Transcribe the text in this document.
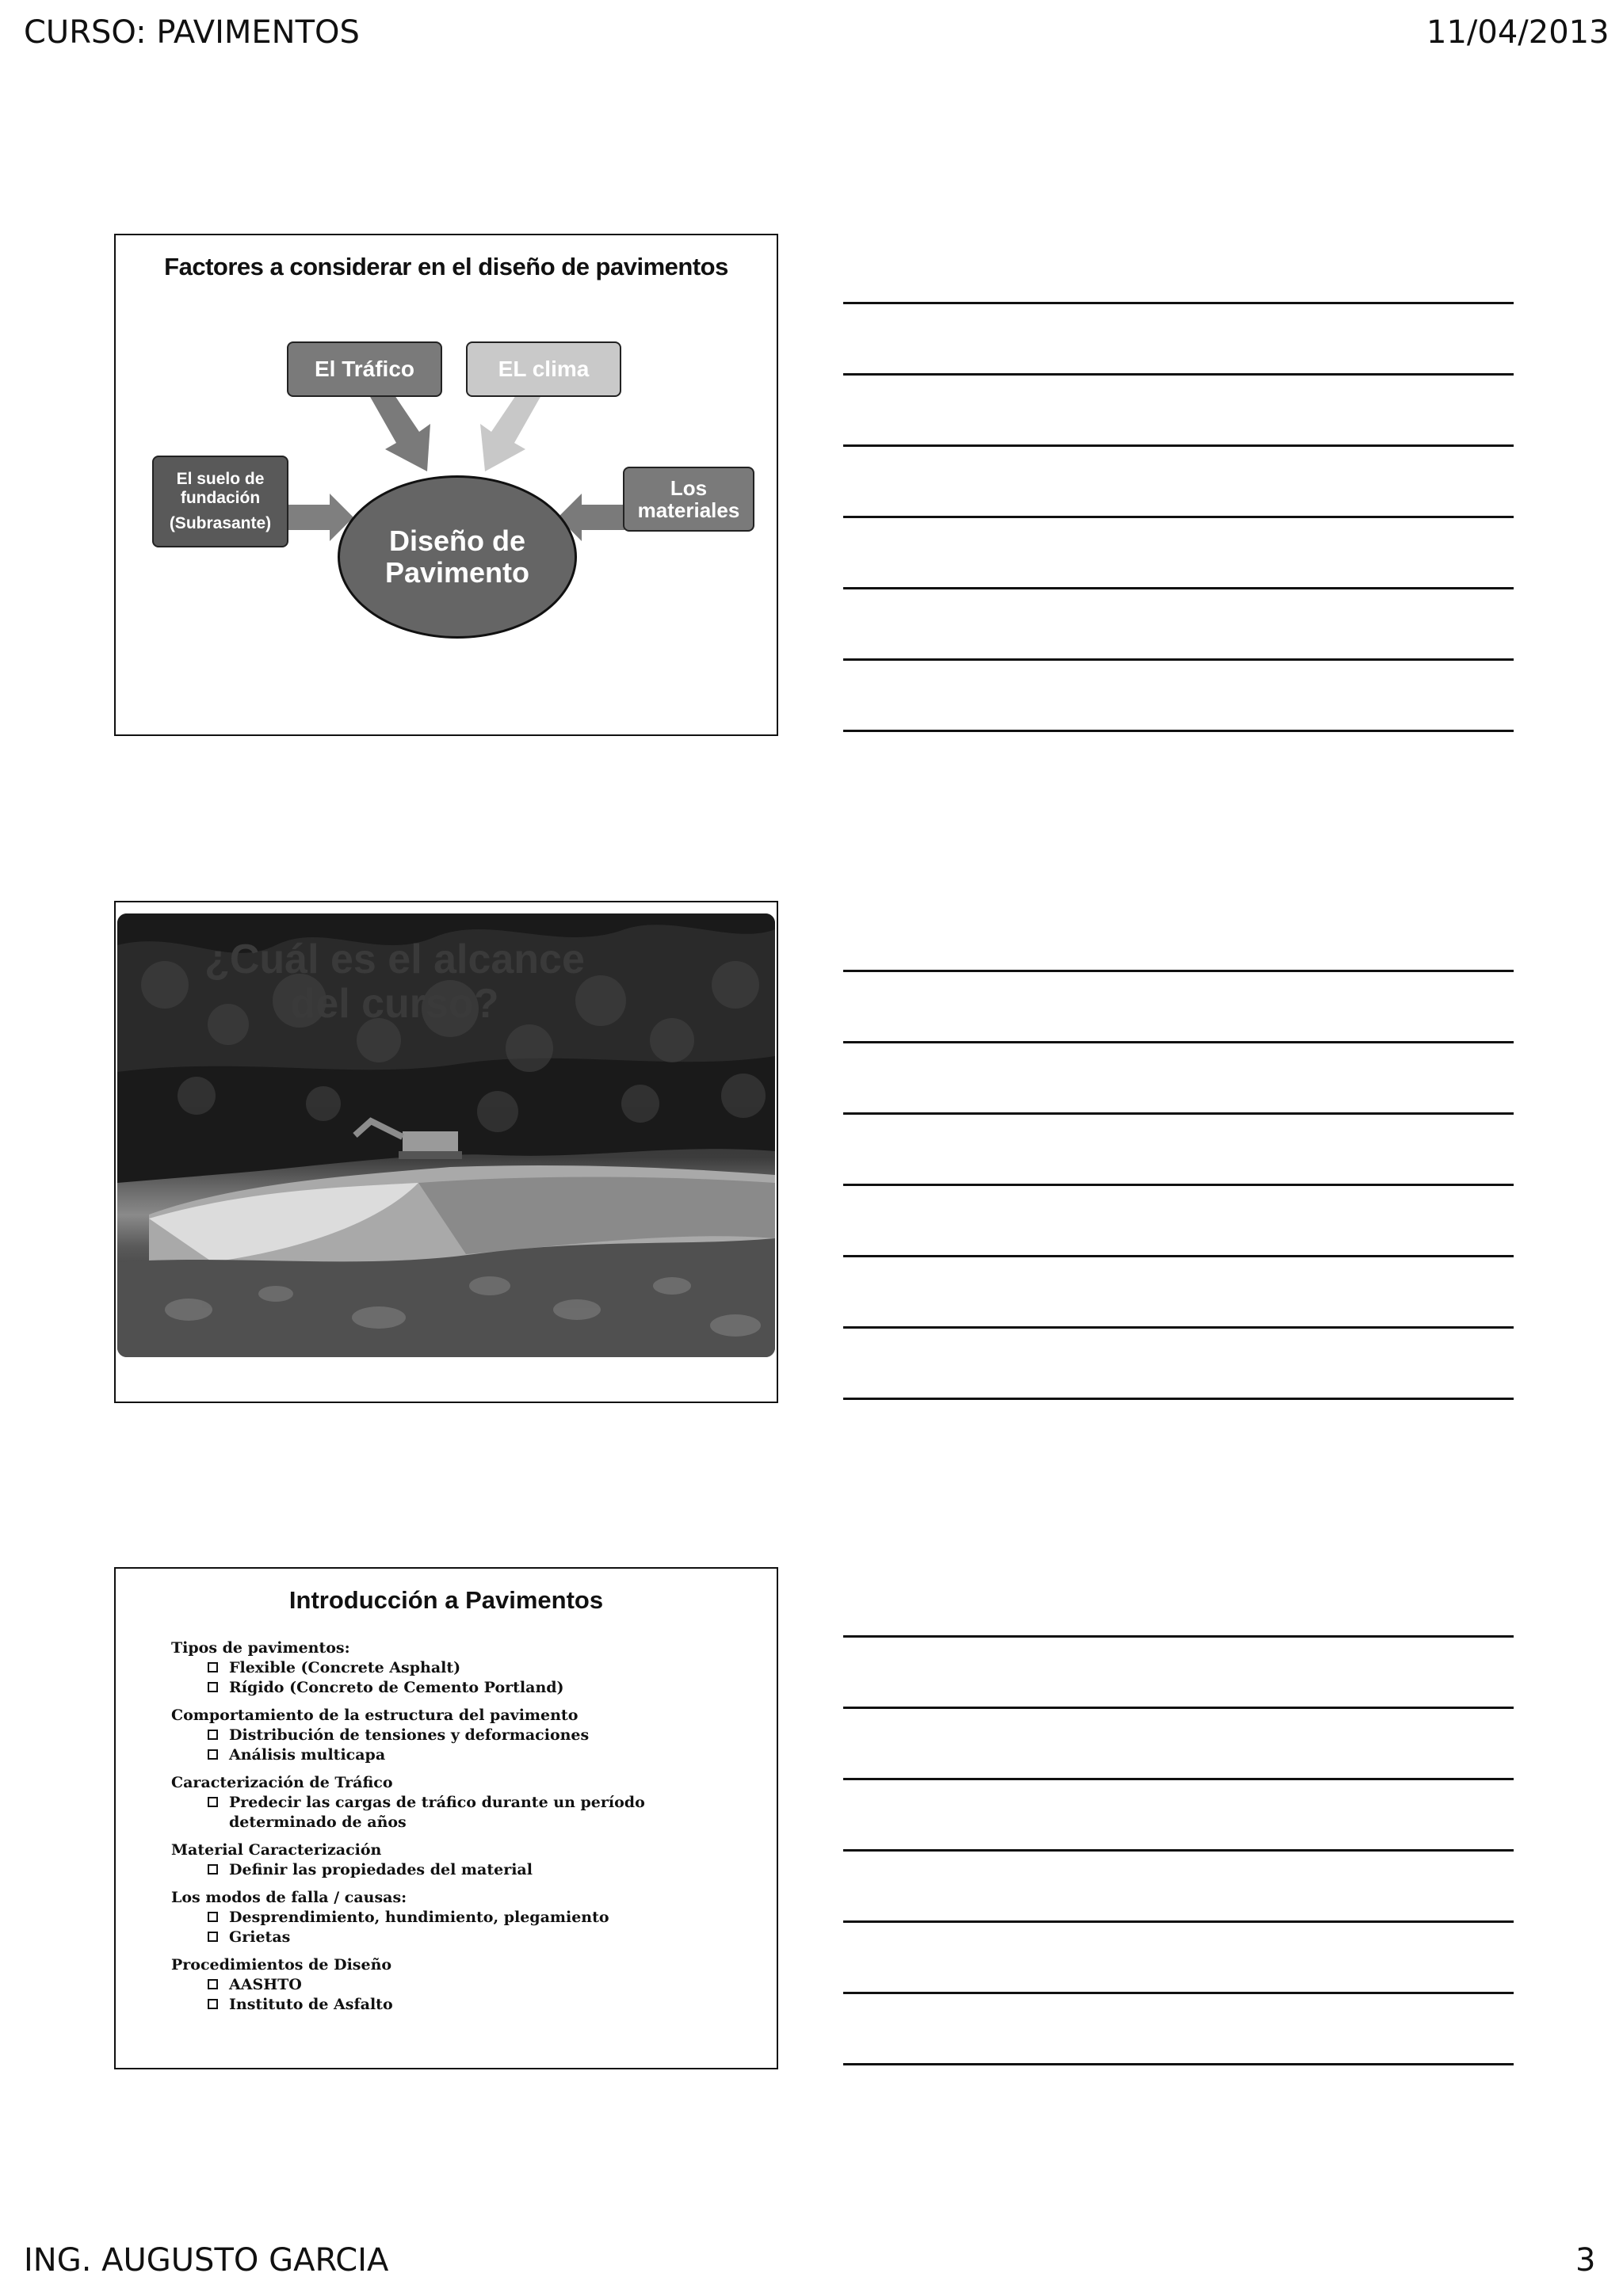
CURSO: PAVIMENTOS	11/04/2013
Factores a considerar en el diseño de pavimentos
El Tráfico	EL clima
El suelo de
fundación
(Subrasante)
Los
materiales
Diseño de
Pavimento
¿Cuál es el alcance del curso?
Introducción a Pavimentos
Tipos de pavimentos:
Flexible (Concrete Asphalt)
Rígido (Concreto de Cemento Portland)
Comportamiento de la estructura del pavimento
Distribución de tensiones y deformaciones
Análisis multicapa
Caracterización de Tráfico
Predecir las cargas de tráfico durante un período determinado de años
Material Caracterización
Definir las propiedades del material
Los modos de falla / causas:
Desprendimiento, hundimiento, plegamiento
Grietas
Procedimientos de Diseño
AASHTO
Instituto de Asfalto
ING. AUGUSTO GARCIA	3
